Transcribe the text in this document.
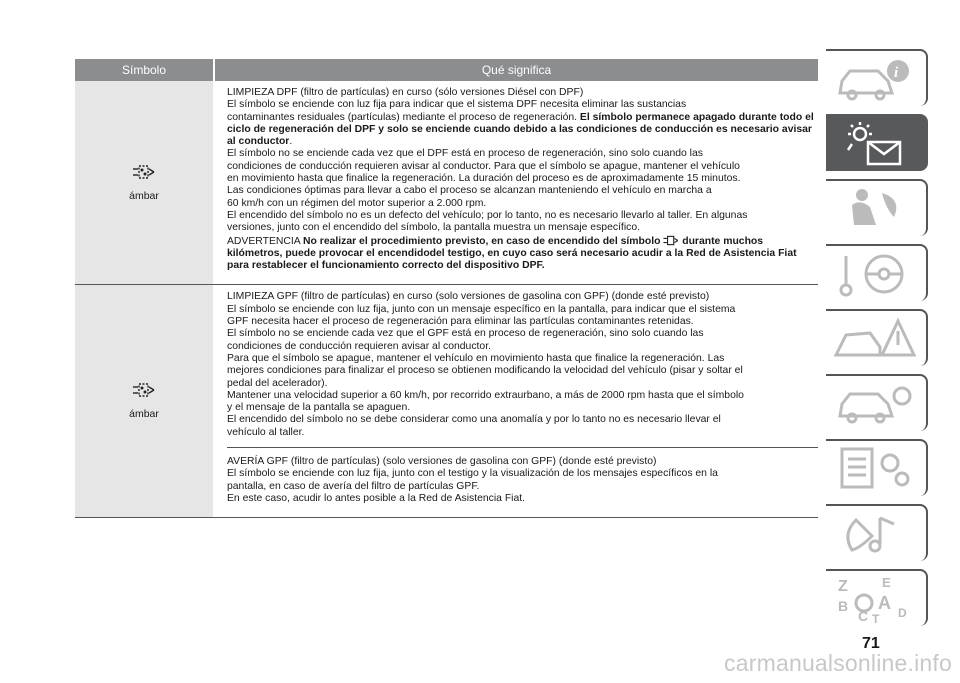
Símbolo	Qué significa
ámbar

LIMPIEZA DPF (filtro de partículas) en curso (sólo versiones Diésel con DPF)

El símbolo se enciende con luz fija para indicar que el sistema DPF necesita eliminar las sustancias

contaminantes residuales (partículas) mediante el proceso de regeneración. El símbolo permanece apagado durante todo el ciclo de regeneración del DPF y solo se enciende cuando debido a las condiciones de conducción es necesario avisar al conductor.

El símbolo no se enciende cada vez que el DPF está en proceso de regeneración, sino solo cuando las

condiciones de conducción requieren avisar al conductor. Para que el símbolo se apague, mantener el vehículo

en movimiento hasta que finalice la regeneración. La duración del proceso es de aproximadamente 15 minutos.

Las condiciones óptimas para llevar a cabo el proceso se alcanzan manteniendo el vehículo en marcha a

60 km/h con un régimen del motor superior a 2.000 rpm.

El encendido del símbolo no es un defecto del vehículo; por lo tanto, no es necesario llevarlo al taller. En algunas

versiones, junto con el encendido del símbolo, la pantalla muestra un mensaje específico.

ADVERTENCIA No realizar el procedimiento previsto, en caso de encendido del símbolo durante muchos kilómetros, puede provocar el encendidodel testigo, en cuyo caso será necesario acudir a la Red de Asistencia Fiat para restablecer el funcionamiento correcto del dispositivo DPF.

ámbar

LIMPIEZA GPF (filtro de partículas) en curso (solo versiones de gasolina con GPF) (donde esté previsto)

El símbolo se enciende con luz fija, junto con un mensaje específico en la pantalla, para indicar que el sistema

GPF necesita hacer el proceso de regeneración para eliminar las partículas contaminantes retenidas.

El símbolo no se enciende cada vez que el GPF está en proceso de regeneración, sino solo cuando las

condiciones de conducción requieren avisar al conductor.

Para que el símbolo se apague, mantener el vehículo en movimiento hasta que finalice la regeneración. Las

mejores condiciones para finalizar el proceso se obtienen modificando la velocidad del vehículo (pisar y soltar el

pedal del acelerador).

Mantener una velocidad superior a 60 km/h, por recorrido extraurbano, a más de 2000 rpm hasta que el símbolo

y el mensaje de la pantalla se apaguen.

El encendido del símbolo no se debe considerar como una anomalía y por lo tanto no es necesario llevar el

vehículo al taller.

AVERÍA GPF (filtro de partículas) (solo versiones de gasolina con GPF) (donde esté previsto)

El símbolo se enciende con luz fija, junto con el testigo y la visualización de los mensajes específicos en la

pantalla, en caso de avería del filtro de partículas GPF.

En este caso, acudir lo antes posible a la Red de Asistencia Fiat.

i
Z	E
B A
C D
T
71
carmanualsonline.info
